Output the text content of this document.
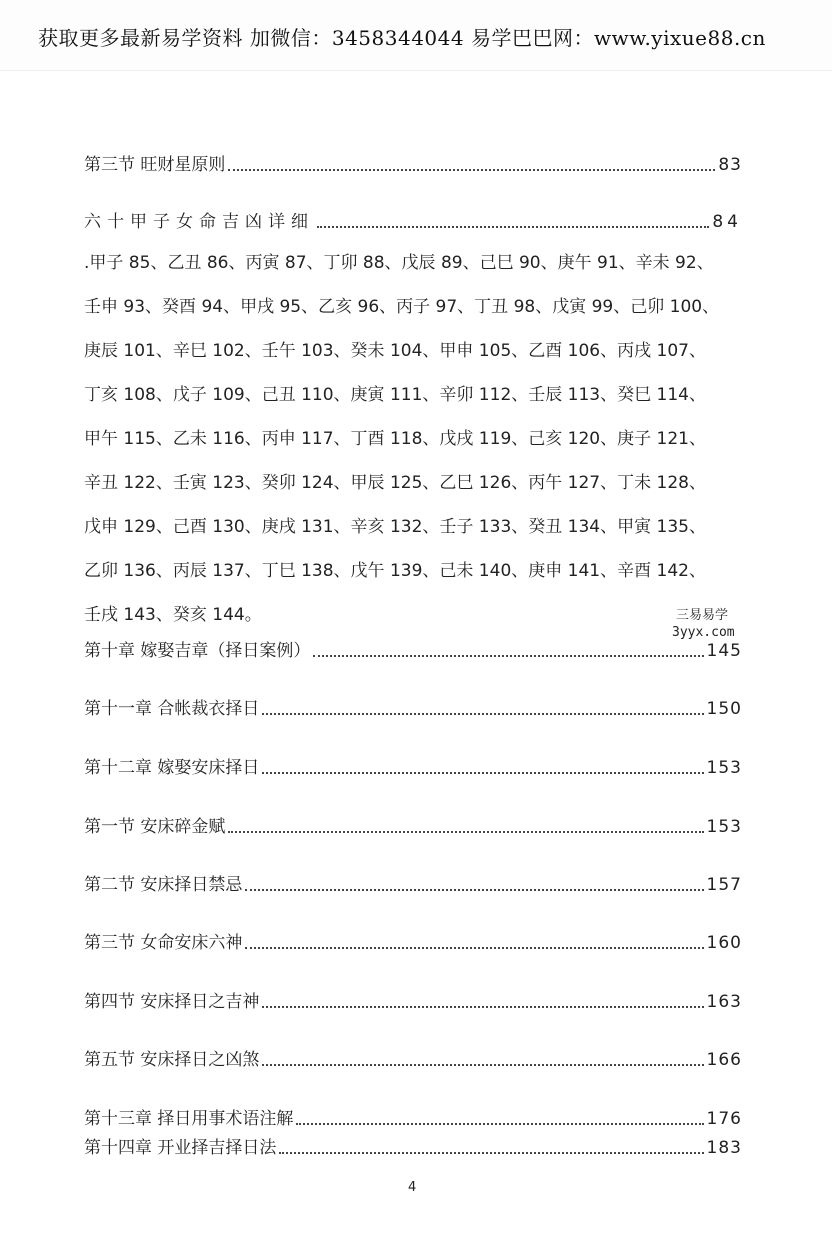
获取更多最新易学资料 加微信：3458344044 易学巴巴网：www.yixue88.cn
第三节 旺财星原则	83
六十甲子女命吉凶详细	84
.甲子 85、乙丑 86、丙寅 87、丁卯 88、戊辰 89、己巳 90、庚午 91、辛未 92、
壬申 93、癸酉 94、甲戌 95、乙亥 96、丙子 97、丁丑 98、戊寅 99、己卯 100、
庚辰 101、辛巳 102、壬午 103、癸未 104、甲申 105、乙酉 106、丙戌 107、
丁亥 108、戊子 109、己丑 110、庚寅 111、辛卯 112、壬辰 113、癸巳 114、
甲午 115、乙未 116、丙申 117、丁酉 118、戊戌 119、己亥 120、庚子 121、
辛丑 122、壬寅 123、癸卯 124、甲辰 125、乙巳 126、丙午 127、丁未 128、
戊申 129、己酉 130、庚戌 131、辛亥 132、壬子 133、癸丑 134、甲寅 135、
乙卯 136、丙辰 137、丁巳 138、戊午 139、己未 140、庚申 141、辛酉 142、
壬戌 143、癸亥 144。	三易易学
3yyx.com
第十章 嫁娶吉章（择日案例）	145
第十一章 合帐裁衣择日	150
第十二章 嫁娶安床择日	153
第一节 安床碎金赋	153
第二节 安床择日禁忌	157
第三节 女命安床六神	160
第四节 安床择日之吉神	163
第五节 安床择日之凶煞	166
第十三章 择日用事术语注解	176
第十四章 开业择吉择日法	183
4
